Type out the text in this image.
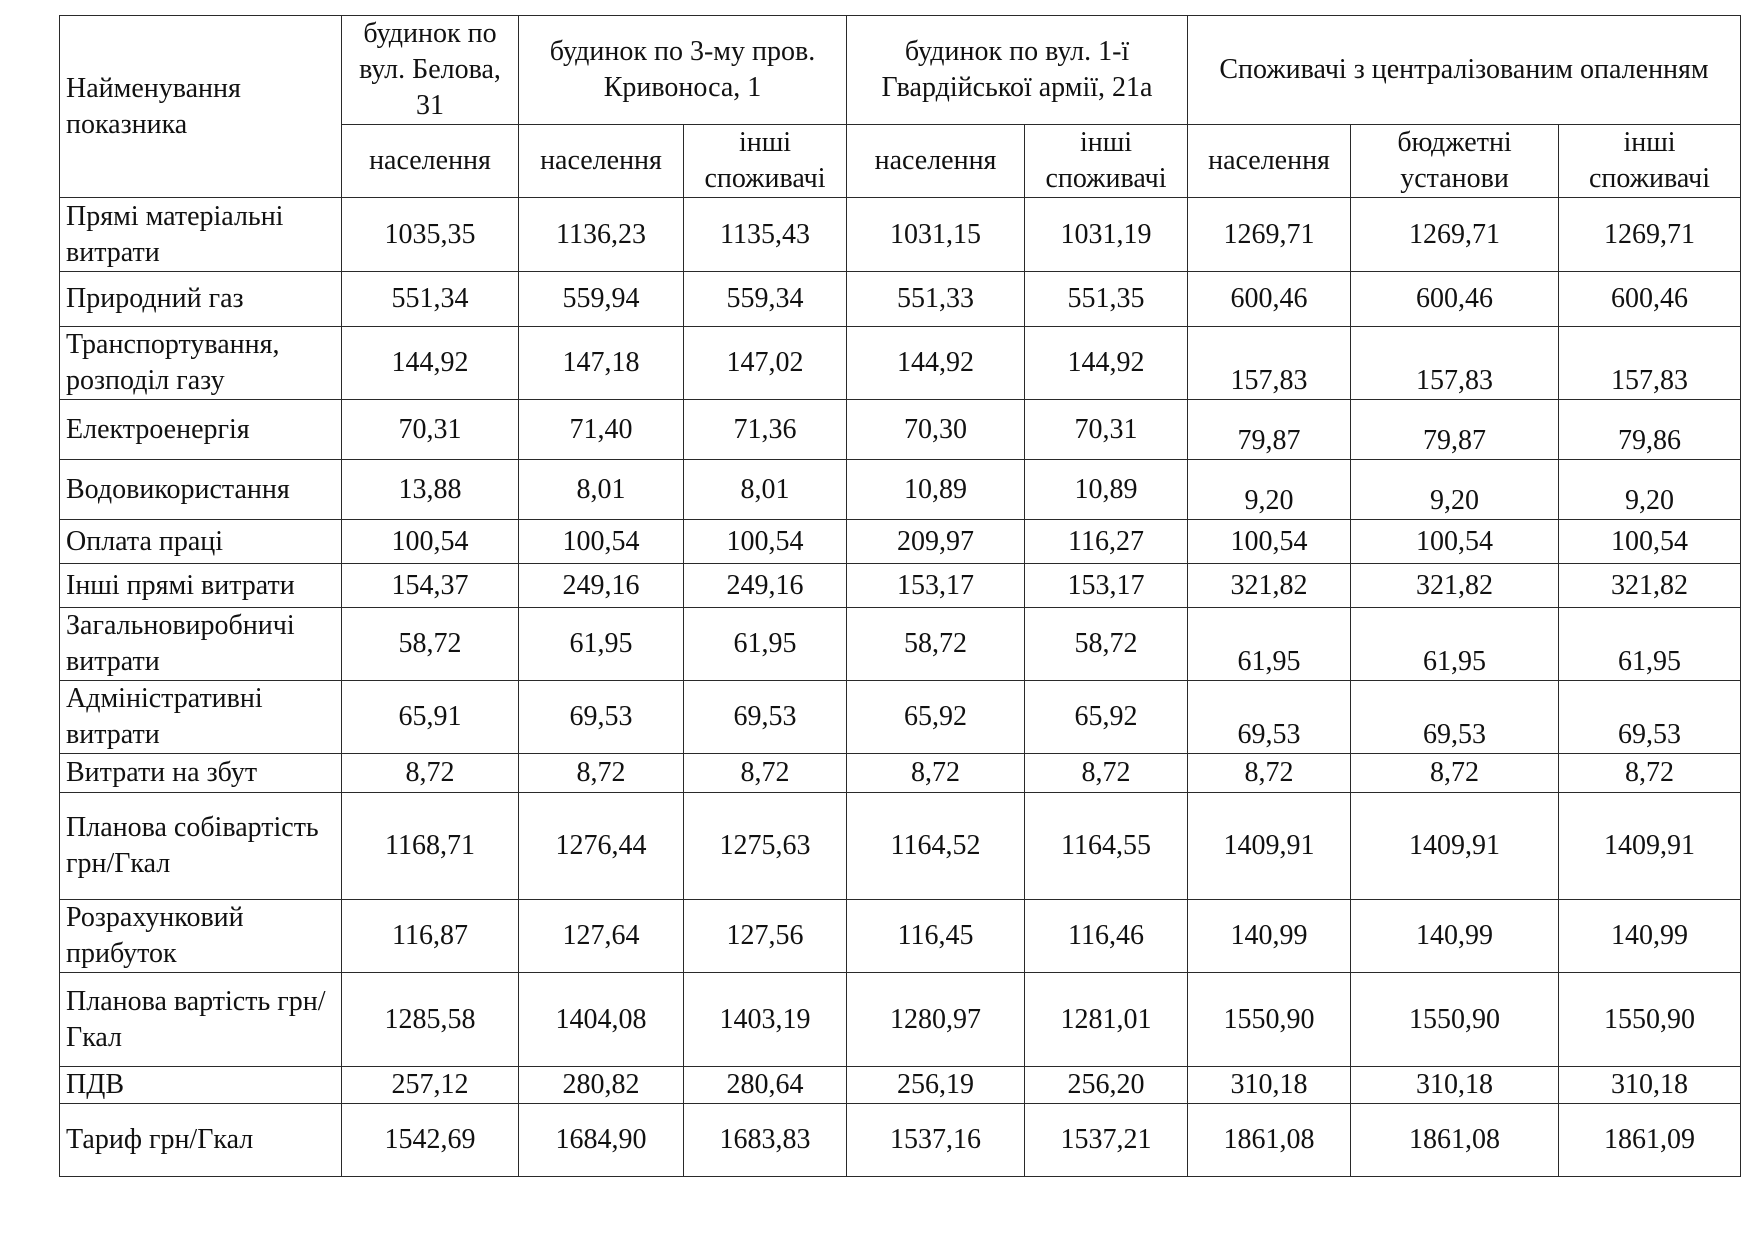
Найменування показника	будинок по вул. Белова, 31	будинок по 3-му пров. Кривоноса, 1		будинок по вул. 1-ї Гвардійської армії, 21а		Споживачі з централізованим опаленням		
	населення	населення	інші споживачі	населення	інші споживачі	населення	бюджетні установи	інші споживачі
Прямі матеріальні витрати	1035,35	1136,23	1135,43	1031,15	1031,19	1269,71	1269,71	1269,71
Природний газ	551,34	559,94	559,34	551,33	551,35	600,46	600,46	600,46
Транспортування, розподіл газу	144,92	147,18	147,02	144,92	144,92	157,83	157,83	157,83
Електроенергія	70,31	71,40	71,36	70,30	70,31	79,87	79,87	79,86
Водовикористання	13,88	8,01	8,01	10,89	10,89	9,20	9,20	9,20
Оплата праці	100,54	100,54	100,54	209,97	116,27	100,54	100,54	100,54
Інші прямі витрати	154,37	249,16	249,16	153,17	153,17	321,82	321,82	321,82
Загальновиробничі витрати	58,72	61,95	61,95	58,72	58,72	61,95	61,95	61,95
Адміністративні витрати	65,91	69,53	69,53	65,92	65,92	69,53	69,53	69,53
Витрати на збут	8,72	8,72	8,72	8,72	8,72	8,72	8,72	8,72
Планова собівартість грн/Гкал	1168,71	1276,44	1275,63	1164,52	1164,55	1409,91	1409,91	1409,91
Розрахунковий прибуток	116,87	127,64	127,56	116,45	116,46	140,99	140,99	140,99
Планова вартість грн/Гкал	1285,58	1404,08	1403,19	1280,97	1281,01	1550,90	1550,90	1550,90
ПДВ	257,12	280,82	280,64	256,19	256,20	310,18	310,18	310,18
Тариф грн/Гкал	1542,69	1684,90	1683,83	1537,16	1537,21	1861,08	1861,08	1861,09
